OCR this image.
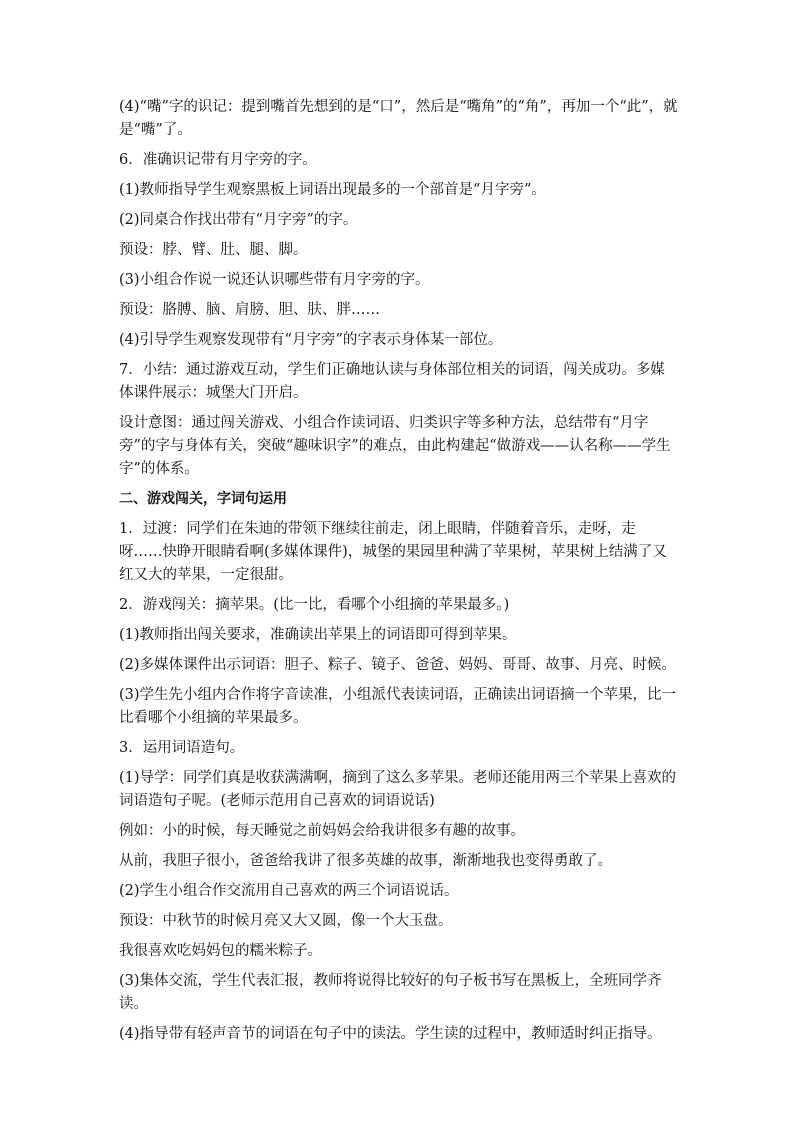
(4)“嘴”字的识记：提到嘴首先想到的是“口”，然后是“嘴角”的“角”，再加一个“此”，就是“嘴”了。

6．准确识记带有月字旁的字。

(1)教师指导学生观察黑板上词语出现最多的一个部首是“月字旁”。

(2)同桌合作找出带有“月字旁”的字。

预设：脖、臂、肚、腿、脚。

(3)小组合作说一说还认识哪些带有月字旁的字。

预设：胳膊、脑、肩膀、胆、肤、胖……

(4)引导学生观察发现带有“月字旁”的字表示身体某一部位。

7．小结：通过游戏互动，学生们正确地认读与身体部位相关的词语，闯关成功。多媒体课件展示：城堡大门开启。

设计意图：通过闯关游戏、小组合作读词语、归类识字等多种方法，总结带有“月字旁”的字与身体有关，突破“趣味识字”的难点，由此构建起“做游戏——认名称——学生字”的体系。

二、游戏闯关，字词句运用

1．过渡：同学们在朱迪的带领下继续往前走，闭上眼睛，伴随着音乐，走呀，走呀……快睁开眼睛看啊(多媒体课件)，城堡的果园里种满了苹果树，苹果树上结满了又红又大的苹果，一定很甜。

2．游戏闯关：摘苹果。(比一比，看哪个小组摘的苹果最多。)

(1)教师指出闯关要求，准确读出苹果上的词语即可得到苹果。

(2)多媒体课件出示词语：胆子、粽子、镜子、爸爸、妈妈、哥哥、故事、月亮、时候。

(3)学生先小组内合作将字音读准，小组派代表读词语，正确读出词语摘一个苹果，比一比看哪个小组摘的苹果最多。

3．运用词语造句。

(1)导学：同学们真是收获满满啊，摘到了这么多苹果。老师还能用两三个苹果上喜欢的词语造句子呢。(老师示范用自己喜欢的词语说话)

例如：小的时候，每天睡觉之前妈妈会给我讲很多有趣的故事。

从前，我胆子很小，爸爸给我讲了很多英雄的故事，渐渐地我也变得勇敢了。

(2)学生小组合作交流用自己喜欢的两三个词语说话。

预设：中秋节的时候月亮又大又圆，像一个大玉盘。

我很喜欢吃妈妈包的糯米粽子。

(3)集体交流，学生代表汇报，教师将说得比较好的句子板书写在黑板上，全班同学齐读。

(4)指导带有轻声音节的词语在句子中的读法。学生读的过程中，教师适时纠正指导。
